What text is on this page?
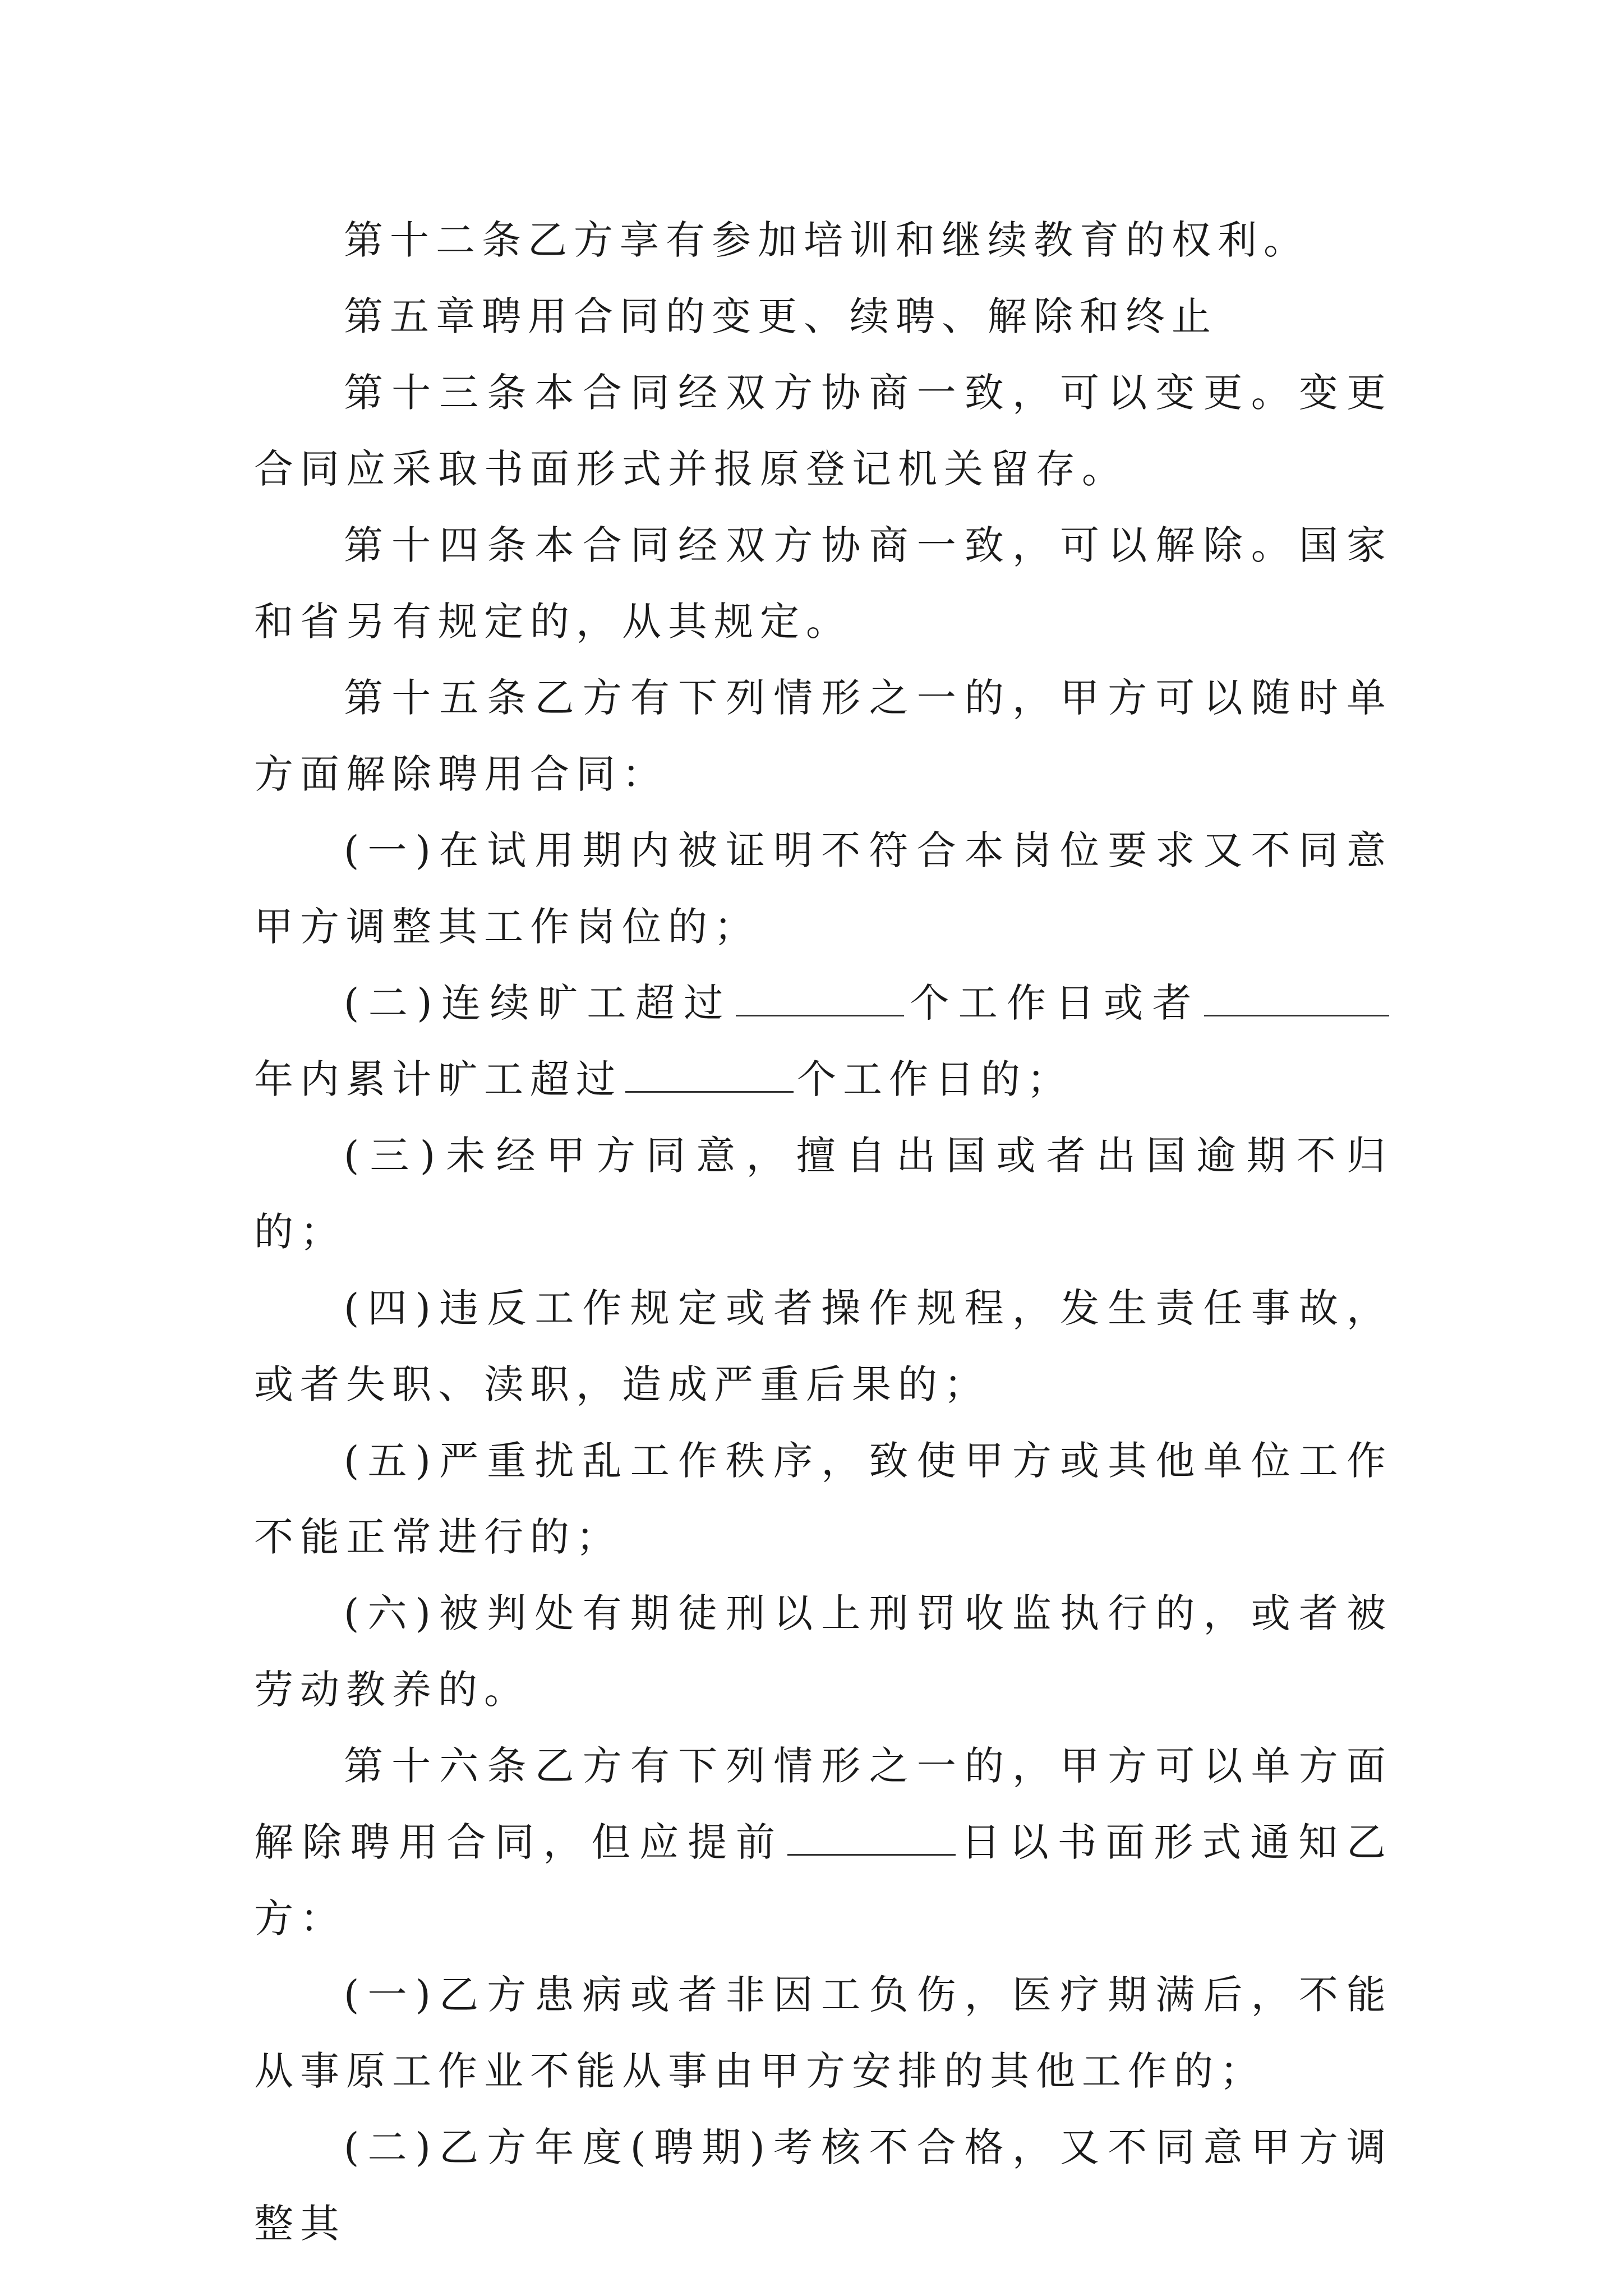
第十二条乙方享有参加培训和继续教育的权利。

第五章聘用合同的变更、续聘、解除和终止

第十三条本合同经双方协商一致，可以变更。变更合同应采取书面形式并报原登记机关留存。

第十四条本合同经双方协商一致，可以解除。国家和省另有规定的，从其规定。

第十五条乙方有下列情形之一的，甲方可以随时单方面解除聘用合同：

(一)在试用期内被证明不符合本岗位要求又不同意甲方调整其工作岗位的；

(二)连续旷工超过	个工作日或者年内累计旷工超过	个工作日的；

(三)未经甲方同意，擅自出国或者出国逾期不归的；

(四)违反工作规定或者操作规程，发生责任事故，或者失职、渎职，造成严重后果的；

(五)严重扰乱工作秩序，致使甲方或其他单位工作不能正常进行的；

(六)被判处有期徒刑以上刑罚收监执行的，或者被劳动教养的。

第十六条乙方有下列情形之一的，甲方可以单方面解除聘用合同，但应提前	日以书面形式通知乙方：

(一)乙方患病或者非因工负伤，医疗期满后，不能从事原工作业不能从事由甲方安排的其他工作的；

(二)乙方年度(聘期)考核不合格，又不同意甲方调整其
